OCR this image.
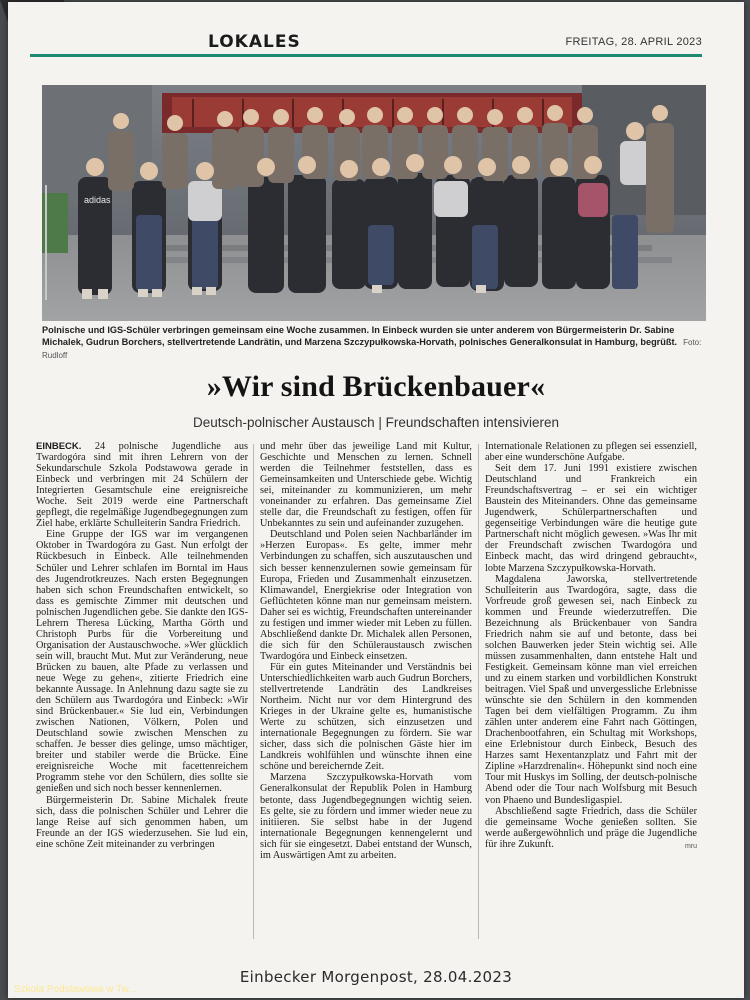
LOKALES	FREITAG, 28. APRIL 2023
adidas
Polnische und IGS-Schüler verbringen gemeinsam eine Woche zusammen. In Einbeck wurden sie unter anderem von Bürgermeisterin Dr. Sabine Michalek, Gudrun Borchers, stellvertretende Landrätin, und Marzena Szczypułkowska-Horvath, polnisches Generalkonsulat in Hamburg, begrüßt. Foto: Rudloff
»Wir sind Brückenbauer«
Deutsch-polnischer Austausch | Freundschaften intensivieren

EINBECK. 24 polnische Jugendliche aus Twardogóra sind mit ihren Lehrern von der Sekundarschule Szkola Podstawowa gerade in Einbeck und verbringen mit 24 Schülern der Integrierten Gesamtschule eine ereignisreiche Woche. Seit 2019 werde eine Partnerschaft gepflegt, die regelmäßige Jugendbegegnungen zum Ziel habe, erklärte Schulleiterin Sandra Friedrich.

Eine Gruppe der IGS war im vergangenen Oktober in Twardogóra zu Gast. Nun erfolgt der Rückbesuch in Einbeck. Alle teilnehmenden Schüler und Lehrer schlafen im Borntal im Haus des Jugendrotkreuzes. Nach ersten Begegnungen haben sich schon Freundschaften entwickelt, so dass es gemischte Zimmer mit deutschen und polnischen Jugendlichen gebe. Sie dankte den IGS-Lehrern Theresa Lücking, Martha Görth und Christoph Purbs für die Vorbereitung und Organisation der Austauschwoche. »Wer glücklich sein will, braucht Mut. Mut zur Veränderung, neue Brücken zu bauen, alte Pfade zu verlassen und neue Wege zu gehen«, zitierte Friedrich eine bekannte Aussage. In Anlehnung dazu sagte sie zu den Schülern aus Twardogóra und Einbeck: »Wir sind Brückenbauer.« Sie lud ein, Verbindungen zwischen Nationen, Völkern, Polen und Deutschland sowie zwischen Menschen zu schaffen. Je besser dies gelinge, umso mächtiger, breiter und stabiler werde die Brücke. Eine ereignisreiche Woche mit facettenreichem Programm stehe vor den Schülern, dies sollte sie genießen und sich noch besser kennenlernen.

Bürgermeisterin Dr. Sabine Michalek freute sich, dass die polnischen Schüler und Lehrer die lange Reise auf sich genommen haben, um Freunde an der IGS wiederzusehen. Sie lud ein, eine schöne Zeit miteinander zu verbringen

und mehr über das jeweilige Land mit Kultur, Geschichte und Menschen zu lernen. Schnell werden die Teilnehmer feststellen, dass es Gemeinsamkeiten und Unterschiede gebe. Wichtig sei, miteinander zu kommunizieren, um mehr voneinander zu erfahren. Das gemeinsame Ziel stelle dar, die Freundschaft zu festigen, offen für Unbekanntes zu sein und aufeinander zuzugehen.

Deutschland und Polen seien Nachbarländer im »Herzen Europas«. Es gelte, immer mehr Verbindungen zu schaffen, sich auszutauschen und sich besser kennenzulernen sowie gemeinsam für Europa, Frieden und Zusammenhalt einzusetzen. Klimawandel, Energiekrise oder Integration von Geflüchteten könne man nur gemeinsam meistern. Daher sei es wichtig, Freundschaften untereinander zu festigen und immer wieder mit Leben zu füllen. Abschließend dankte Dr. Michalek allen Personen, die sich für den Schüleraustausch zwischen Twardogóra und Einbeck einsetzen.

Für ein gutes Miteinander und Verständnis bei Unterschiedlichkeiten warb auch Gudrun Borchers, stellvertretende Landrätin des Landkreises Northeim. Nicht nur vor dem Hintergrund des Krieges in der Ukraine gelte es, humanistische Werte zu schützen, sich einzusetzen und internationale Begegnungen zu fördern. Sie war sicher, dass sich die polnischen Gäste hier im Landkreis wohlfühlen und wünschte ihnen eine schöne und bereichernde Zeit.

Marzena Szczypułkowska-Horvath vom Generalkonsulat der Republik Polen in Hamburg betonte, dass Jugendbegegnungen wichtig seien. Es gelte, sie zu fördern und immer wieder neue zu initiieren. Sie selbst habe in der Jugend internationale Begegnungen kennengelernt und sich für sie eingesetzt. Dabei entstand der Wunsch, im Auswärtigen Amt zu arbeiten.

Internationale Relationen zu pflegen sei essenziell, aber eine wunderschöne Aufgabe.

Seit dem 17. Juni 1991 existiere zwischen Deutschland und Frankreich ein Freundschaftsvertrag – er sei ein wichtiger Baustein des Miteinanders. Ohne das gemeinsame Jugendwerk, Schülerpartnerschaften und gegenseitige Verbindungen wäre die heutige gute Partnerschaft nicht möglich gewesen. »Was Ihr mit der Freundschaft zwischen Twardogóra und Einbeck macht, das wird dringend gebraucht«, lobte Marzena Szczypułkowska-Horvath.

Magdalena Jaworska, stellvertretende Schulleiterin aus Twardogóra, sagte, dass die Vorfreude groß gewesen sei, nach Einbeck zu kommen und Freunde wiederzutreffen. Die Bezeichnung als Brückenbauer von Sandra Friedrich nahm sie auf und betonte, dass bei solchen Bauwerken jeder Stein wichtig sei. Alle müssen zusammenhalten, dann entstehe Halt und Festigkeit. Gemeinsam könne man viel erreichen und zu einem starken und vorbildlichen Konstrukt beitragen. Viel Spaß und unvergessliche Erlebnisse wünschte sie den Schülern in den kommenden Tagen bei dem vielfältigen Programm. Zu ihm zählen unter anderem eine Fahrt nach Göttingen, Drachenbootfahren, ein Schultag mit Workshops, eine Erlebnistour durch Einbeck, Besuch des Harzes samt Hexentanzplatz und Fahrt mit der Zipline »Harzdrenalin«. Höhepunkt sind noch eine Tour mit Huskys im Solling, der deutsch-polnische Abend oder die Tour nach Wolfsburg mit Besuch von Phaeno und Bundesligaspiel.

Abschließend sagte Friedrich, dass die Schüler die gemeinsame Woche genießen sollten. Sie werde außergewöhnlich und präge die Jugendliche für ihre Zukunft.	mru

Einbecker Morgenpost, 28.04.2023
Szkoła Podstawowa w Tw...
